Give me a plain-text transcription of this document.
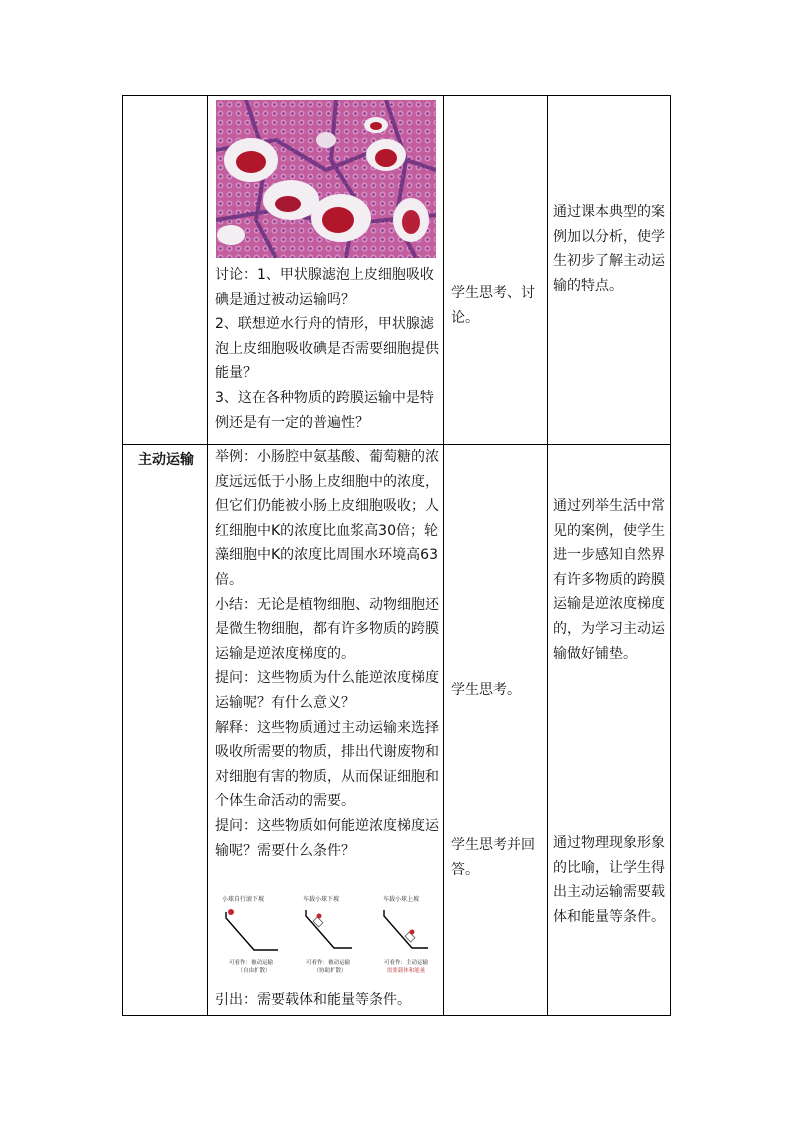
讨论：1、甲状腺滤泡上皮细胞吸收碘是通过被动运输吗？

2、联想逆水行舟的情形，甲状腺滤泡上皮细胞吸收碘是否需要细胞提供能量？

3、这在各种物质的跨膜运输中是特例还是有一定的普遍性？

学生思考、讨论。

通过课本典型的案例加以分析，使学生初步了解主动运输的特点。

主动运输	举例：小肠腔中氨基酸、葡萄糖的浓度远远低于小肠上皮细胞中的浓度，但它们仍能被小肠上皮细胞吸收；人红细胞中K的浓度比血浆高30倍；轮藻细胞中K的浓度比周围水环境高63倍。

小结：无论是植物细胞、动物细胞还是微生物细胞，都有许多物质的跨膜运输是逆浓度梯度的。

提问：这些物质为什么能逆浓度梯度运输呢？有什么意义？

解释：这些物质通过主动运输来选择吸收所需要的物质，排出代谢废物和对细胞有害的物质，从而保证细胞和个体生命活动的需要。

提问：这些物质如何能逆浓度梯度运输呢？需要什么条件？

小球自行滚下坡
可看作：被动运输
（自由扩散）
车载小球下坡
可看作：被动运输
（协助扩散）
车载小球上坡
可看作：主动运输
需要载体和能量

引出：需要载体和能量等条件。

学生思考。

学生思考并回答。

通过列举生活中常见的案例，使学生进一步感知自然界有许多物质的跨膜运输是逆浓度梯度的，为学习主动运输做好铺垫。

通过物理现象形象的比喻，让学生得出主动运输需要载体和能量等条件。
